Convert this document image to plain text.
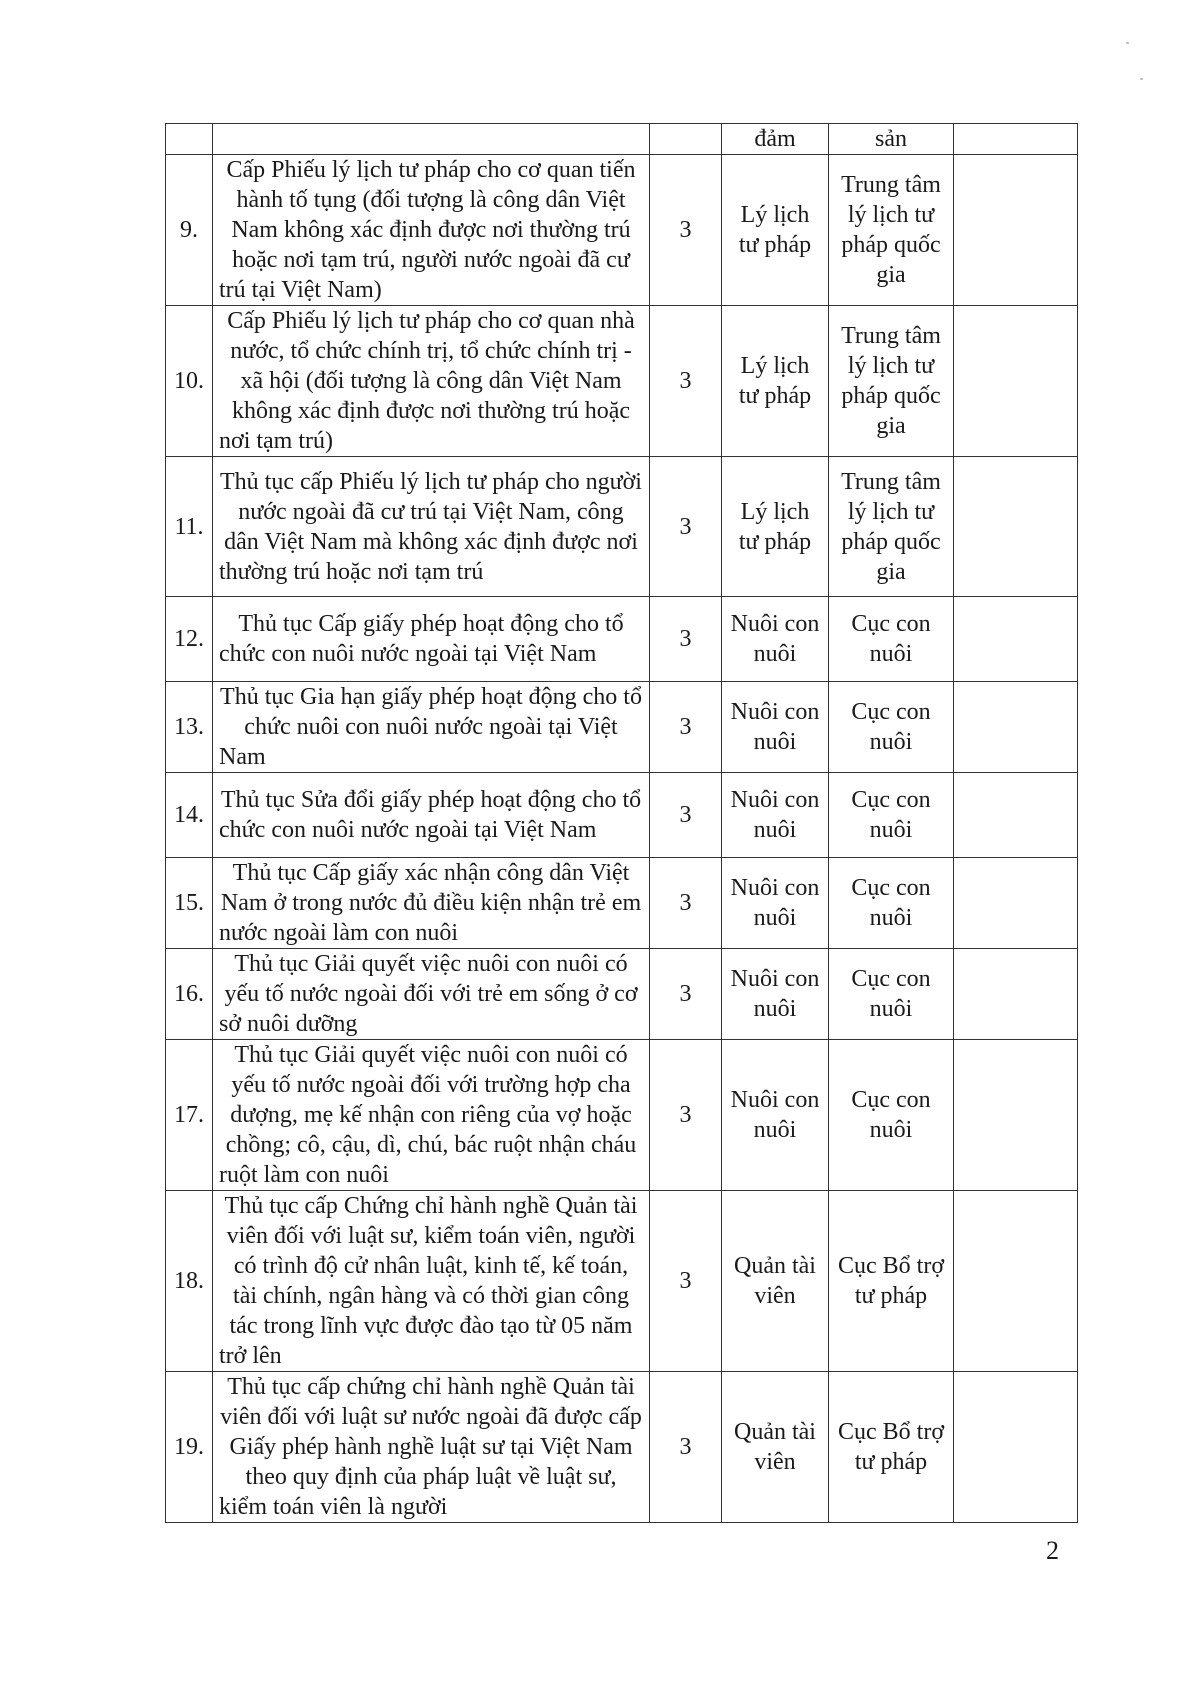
			đảm	sản	
9.	Cấp Phiếu lý lịch tư pháp cho cơ quan tiến hành tố tụng (đối tượng là công dân Việt Nam không xác định được nơi thường trú hoặc nơi tạm trú, người nước ngoài đã cư trú tại Việt Nam)	3	Lý lịch tư pháp	Trung tâm lý lịch tư pháp quốc gia	
10.	Cấp Phiếu lý lịch tư pháp cho cơ quan nhà nước, tổ chức chính trị, tổ chức chính trị - xã hội (đối tượng là công dân Việt Nam không xác định được nơi thường trú hoặc nơi tạm trú)	3	Lý lịch tư pháp	Trung tâm lý lịch tư pháp quốc gia	
11.	Thủ tục cấp Phiếu lý lịch tư pháp cho người nước ngoài đã cư trú tại Việt Nam, công dân Việt Nam mà không xác định được nơi thường trú hoặc nơi tạm trú	3	Lý lịch tư pháp	Trung tâm lý lịch tư pháp quốc gia	
12.	Thủ tục Cấp giấy phép hoạt động cho tổ chức con nuôi nước ngoài tại Việt Nam	3	Nuôi con nuôi	Cục con nuôi	
13.	Thủ tục Gia hạn giấy phép hoạt động cho tổ chức nuôi con nuôi nước ngoài tại Việt Nam	3	Nuôi con nuôi	Cục con nuôi	
14.	Thủ tục Sửa đổi giấy phép hoạt động cho tổ chức con nuôi nước ngoài tại Việt Nam	3	Nuôi con nuôi	Cục con nuôi	
15.	Thủ tục Cấp giấy xác nhận công dân Việt Nam ở trong nước đủ điều kiện nhận trẻ em nước ngoài làm con nuôi	3	Nuôi con nuôi	Cục con nuôi	
16.	Thủ tục Giải quyết việc nuôi con nuôi có yếu tố nước ngoài đối với trẻ em sống ở cơ sở nuôi dưỡng	3	Nuôi con nuôi	Cục con nuôi	
17.	Thủ tục Giải quyết việc nuôi con nuôi có yếu tố nước ngoài đối với trường hợp cha dượng, mẹ kế nhận con riêng của vợ hoặc chồng; cô, cậu, dì, chú, bác ruột nhận cháu ruột làm con nuôi	3	Nuôi con nuôi	Cục con nuôi	
18.	Thủ tục cấp Chứng chỉ hành nghề Quản tài viên đối với luật sư, kiểm toán viên, người có trình độ cử nhân luật, kinh tế, kế toán, tài chính, ngân hàng và có thời gian công tác trong lĩnh vực được đào tạo từ 05 năm trở lên	3	Quản tài viên	Cục Bổ trợ tư pháp	
19.	Thủ tục cấp chứng chỉ hành nghề Quản tài viên đối với luật sư nước ngoài đã được cấp Giấy phép hành nghề luật sư tại Việt Nam theo quy định của pháp luật về luật sư, kiểm toán viên là người	3	Quản tài viên	Cục Bổ trợ tư pháp	
2
